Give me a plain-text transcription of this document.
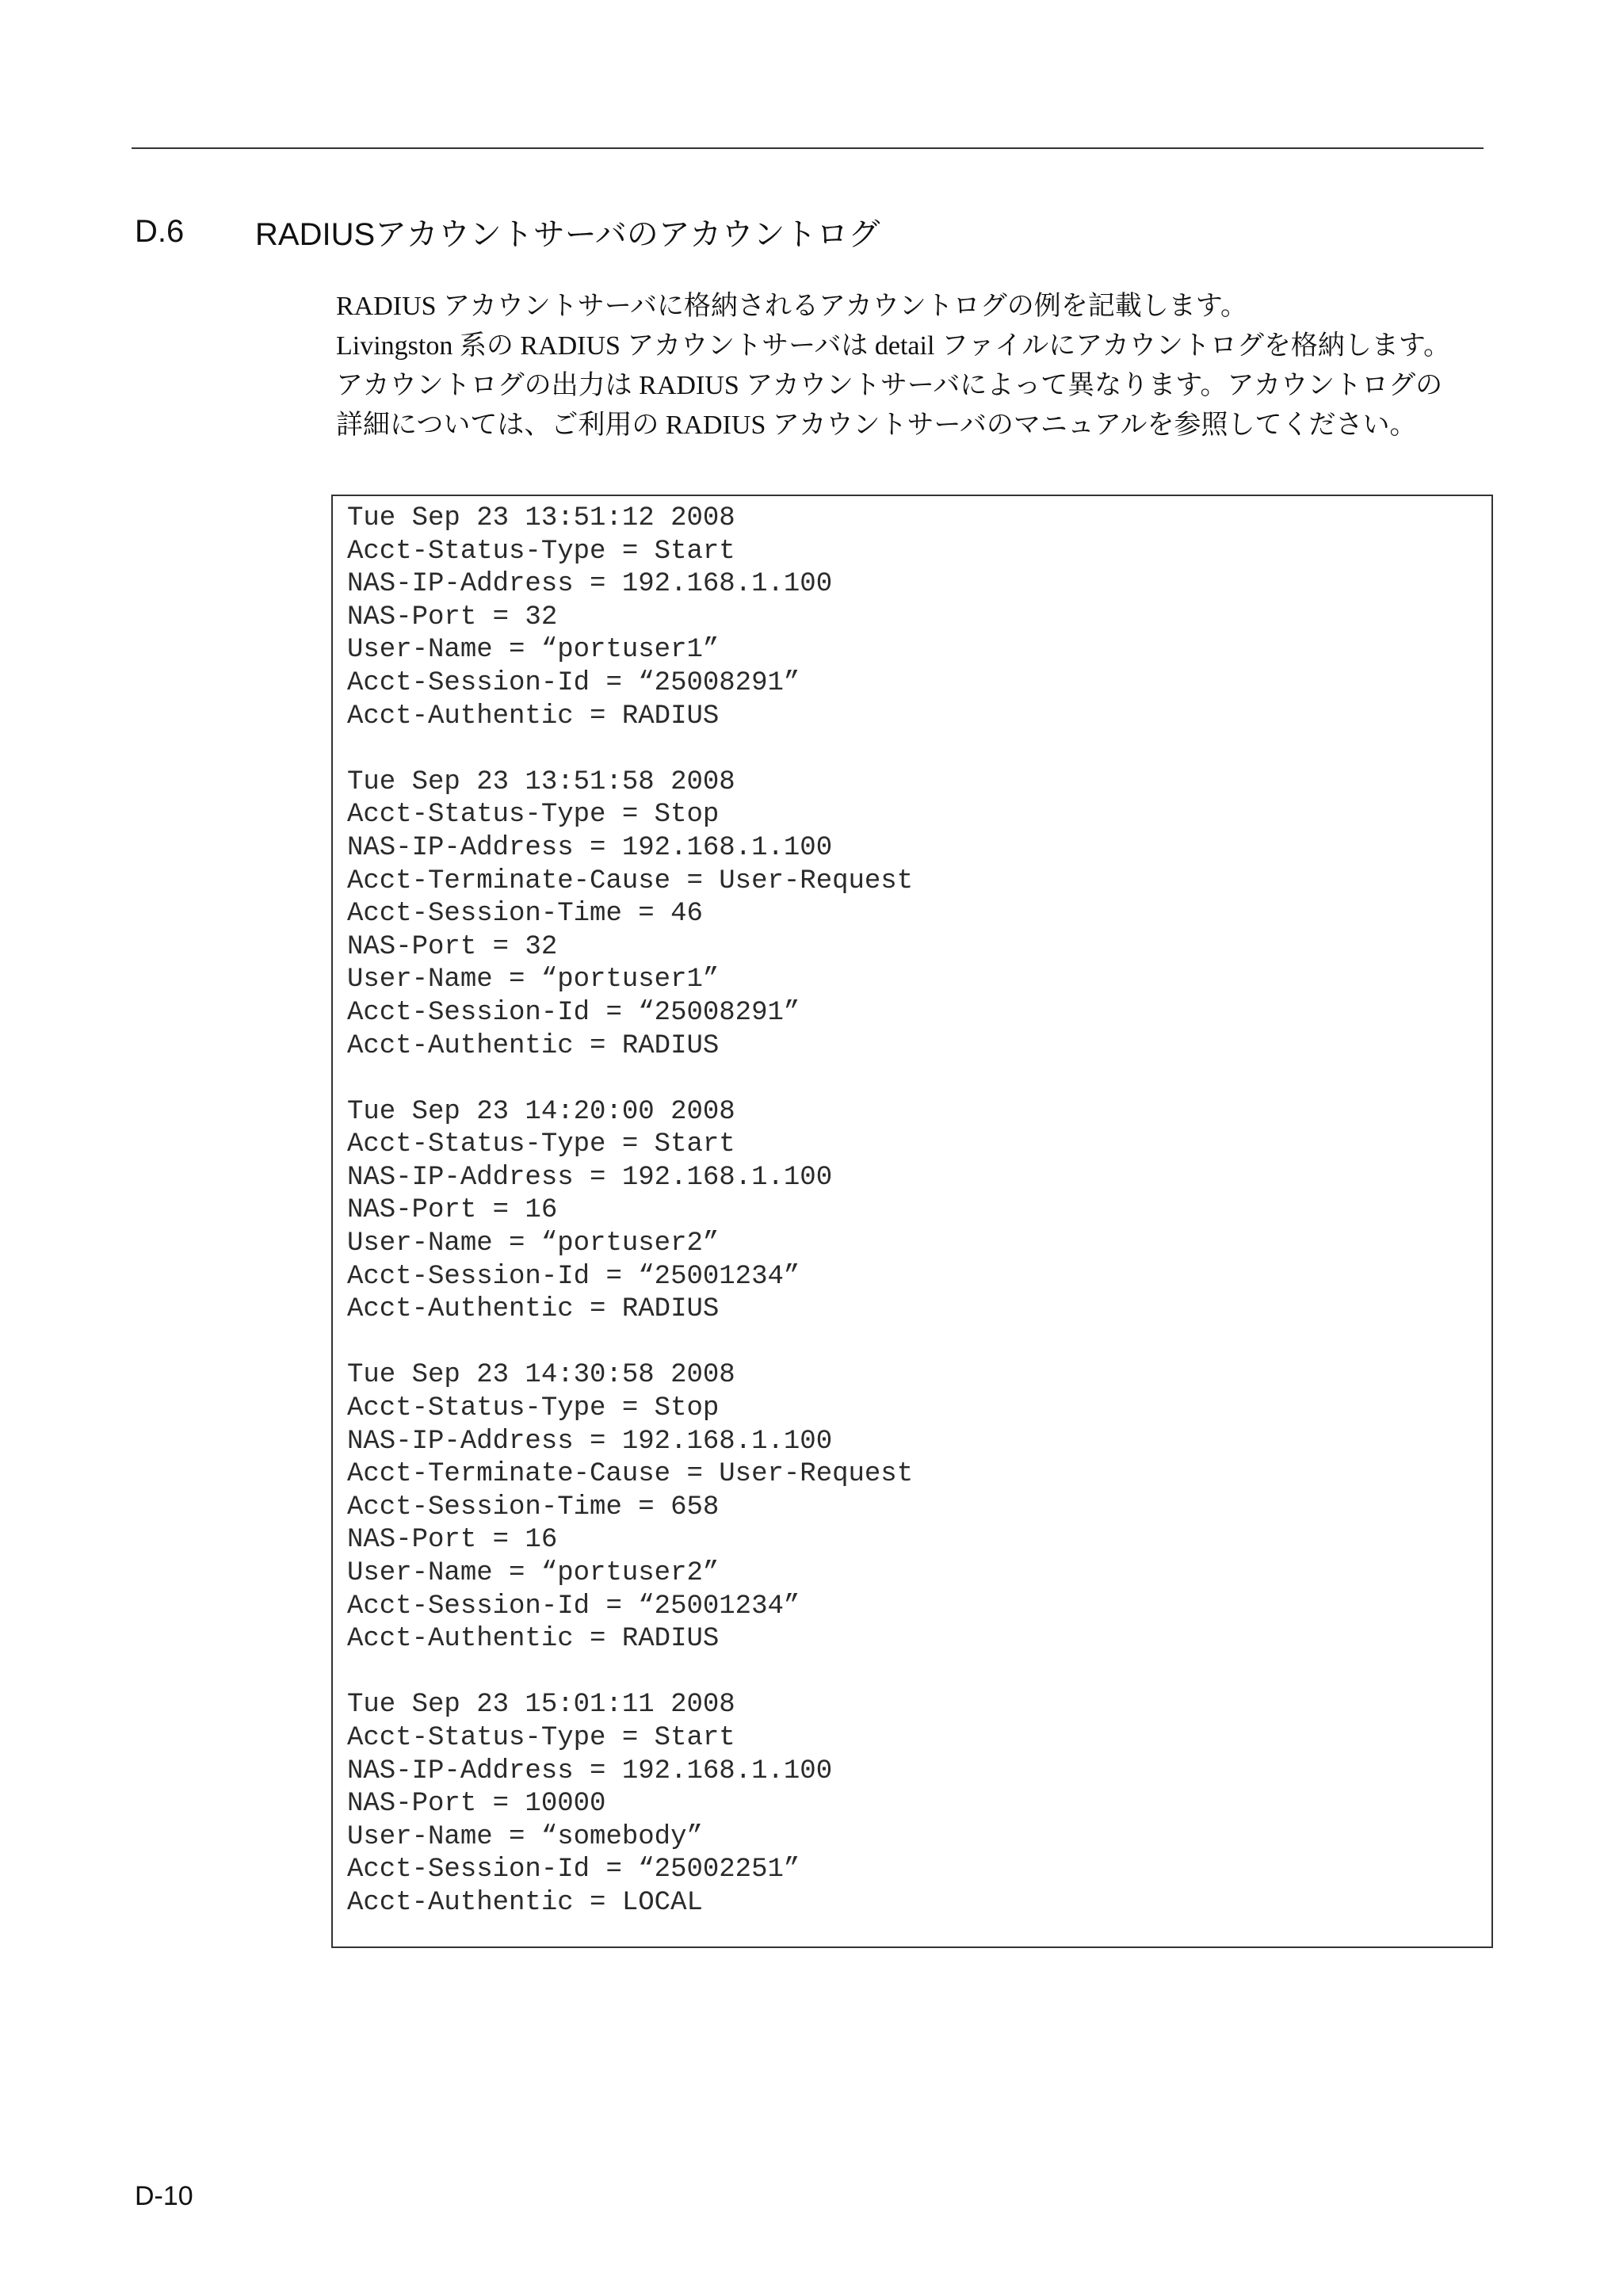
D.6	RADIUSアカウントサーバのアカウントログ
RADIUS アカウントサーバに格納されるアカウントログの例を記載します。
Livingston 系の RADIUS アカウントサーバは detail ファイルにアカウントログを格納します。
アカウントログの出力は RADIUS アカウントサーバによって異なります。アカウントログの
詳細については、ご利用の RADIUS アカウントサーバのマニュアルを参照してください。
Tue Sep 23 13:51:12 2008
Acct-Status-Type = Start
NAS-IP-Address = 192.168.1.100
NAS-Port = 32
User-Name = “portuser1”
Acct-Session-Id = “25008291”
Acct-Authentic = RADIUS
Tue Sep 23 13:51:58 2008
Acct-Status-Type = Stop
NAS-IP-Address = 192.168.1.100
Acct-Terminate-Cause = User-Request
Acct-Session-Time = 46
NAS-Port = 32
User-Name = “portuser1”
Acct-Session-Id = “25008291”
Acct-Authentic = RADIUS
Tue Sep 23 14:20:00 2008
Acct-Status-Type = Start
NAS-IP-Address = 192.168.1.100
NAS-Port = 16
User-Name = “portuser2”
Acct-Session-Id = “25001234”
Acct-Authentic = RADIUS
Tue Sep 23 14:30:58 2008
Acct-Status-Type = Stop
NAS-IP-Address = 192.168.1.100
Acct-Terminate-Cause = User-Request
Acct-Session-Time = 658
NAS-Port = 16
User-Name = “portuser2”
Acct-Session-Id = “25001234”
Acct-Authentic = RADIUS
Tue Sep 23 15:01:11 2008
Acct-Status-Type = Start
NAS-IP-Address = 192.168.1.100
NAS-Port = 10000
User-Name = “somebody”
Acct-Session-Id = “25002251”
Acct-Authentic = LOCAL
D-10
